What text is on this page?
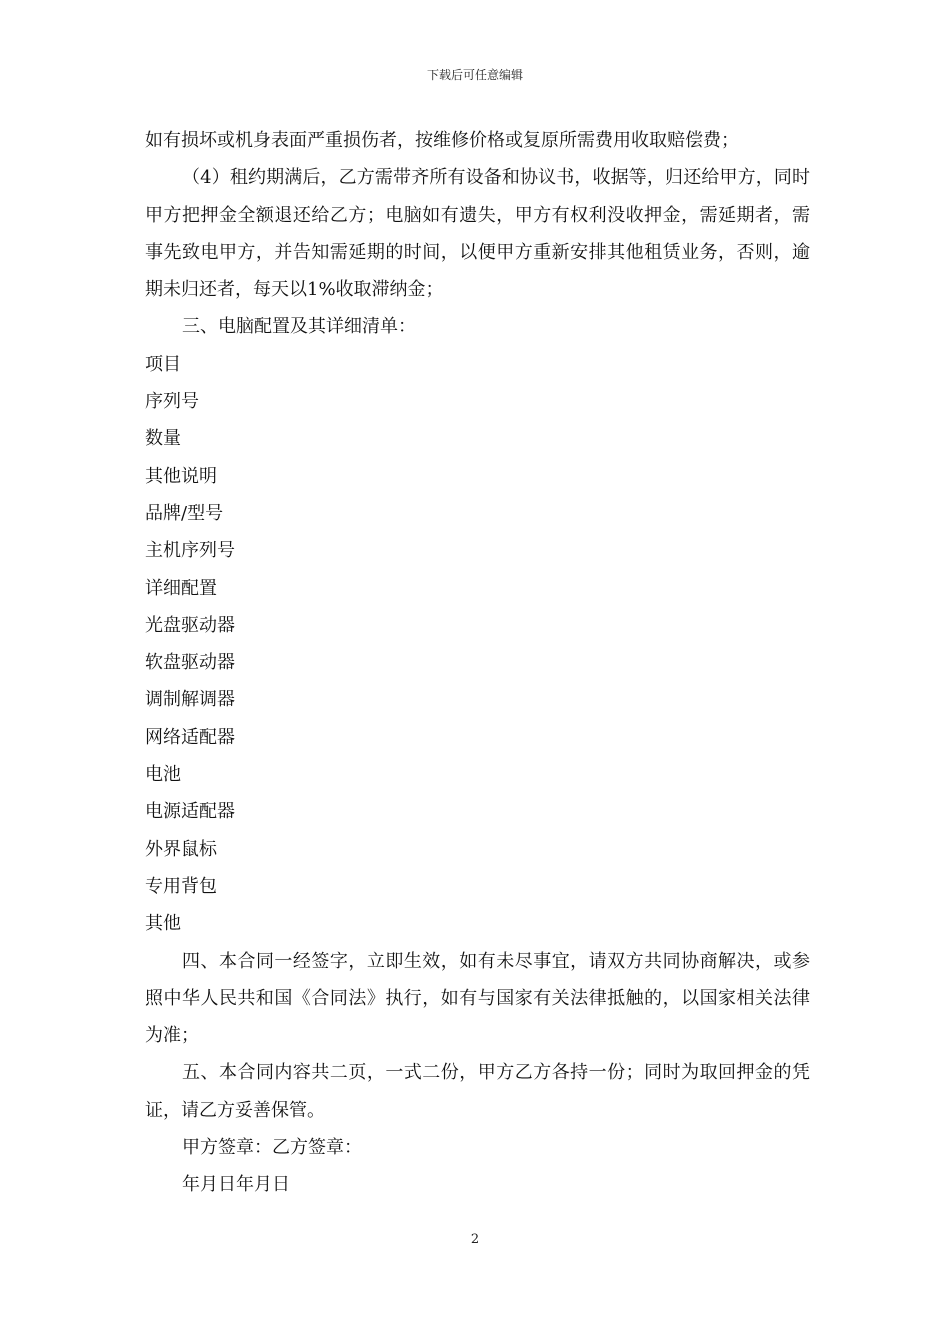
下载后可任意编辑

如有损坏或机身表面严重损伤者，按维修价格或复原所需费用收取赔偿费；

（4）租约期满后，乙方需带齐所有设备和协议书，收据等，归还给甲方，同时甲方把押金全额退还给乙方；电脑如有遗失，甲方有权利没收押金，需延期者，需事先致电甲方，并告知需延期的时间，以便甲方重新安排其他租赁业务，否则，逾期未归还者，每天以1%收取滞纳金；

三、电脑配置及其详细清单：

项目

序列号

数量

其他说明

品牌/型号

主机序列号

详细配置

光盘驱动器

软盘驱动器

调制解调器

网络适配器

电池

电源适配器

外界鼠标

专用背包

其他

四、本合同一经签字，立即生效，如有未尽事宜，请双方共同协商解决，或参照中华人民共和国《合同法》执行，如有与国家有关法律抵触的，以国家相关法律为准；

五、本合同内容共二页，一式二份，甲方乙方各持一份；同时为取回押金的凭证，请乙方妥善保管。

甲方签章：乙方签章：

年月日年月日

2
